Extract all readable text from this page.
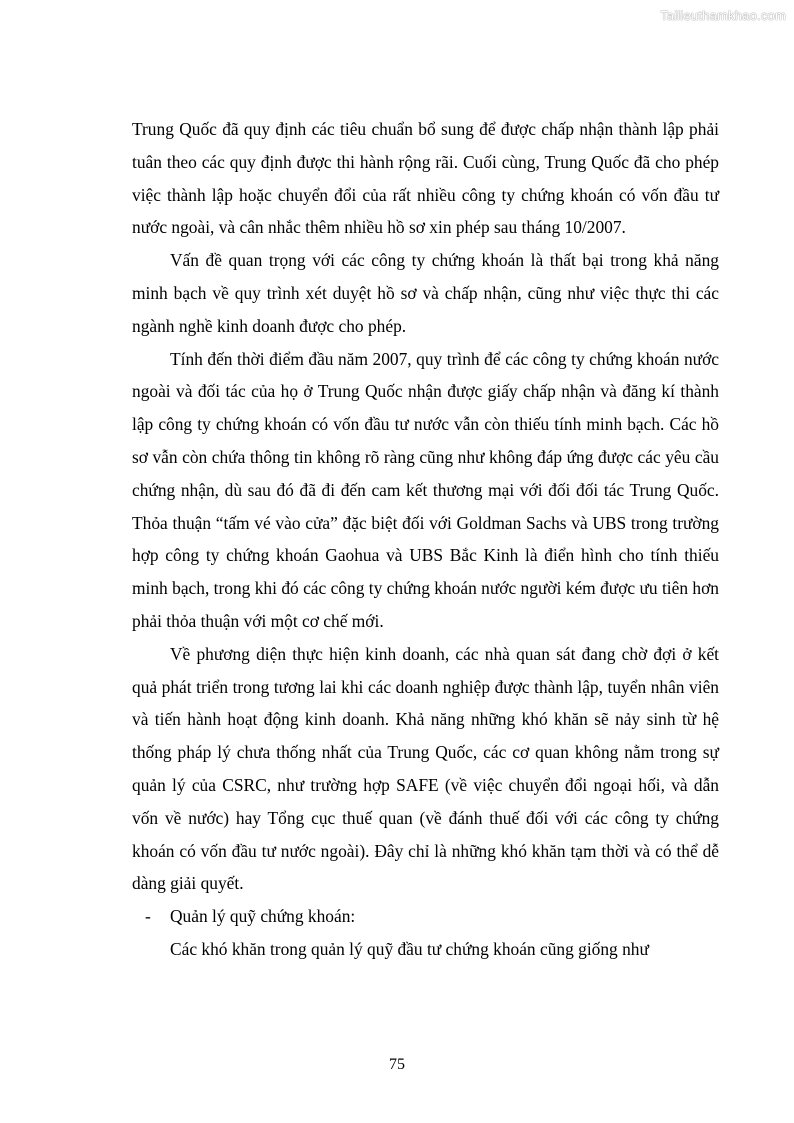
Tailieuthamkhao.com

Trung Quốc đã quy định các tiêu chuẩn bổ sung để được chấp nhận thành lập phải tuân theo các quy định được thi hành rộng rãi. Cuối cùng, Trung Quốc đã cho phép việc thành lập hoặc chuyển đổi của rất nhiều công ty chứng khoán có vốn đầu tư nước ngoài, và cân nhắc thêm nhiều hồ sơ xin phép sau tháng 10/2007.

Vấn đề quan trọng với các công ty chứng khoán là thất bại trong khả năng minh bạch về quy trình xét duyệt hồ sơ và chấp nhận, cũng như việc thực thi các ngành nghề kinh doanh được cho phép.

Tính đến thời điểm đầu năm 2007, quy trình để các công ty chứng khoán nước ngoài và đối tác của họ ở Trung Quốc nhận được giấy chấp nhận và đăng kí thành lập công ty chứng khoán có vốn đầu tư nước vẫn còn thiếu tính minh bạch. Các hồ sơ vẫn còn chứa thông tin không rõ ràng cũng như không đáp ứng được các yêu cầu chứng nhận, dù sau đó đã đi đến cam kết thương mại với đối đối tác Trung Quốc. Thỏa thuận “tấm vé vào cửa” đặc biệt đối với Goldman Sachs và UBS trong trường hợp công ty chứng khoán Gaohua và UBS Bắc Kinh là điển hình cho tính thiếu minh bạch, trong khi đó các công ty chứng khoán nước người kém được ưu tiên hơn phải thỏa thuận với một cơ chế mới.

Về phương diện thực hiện kinh doanh, các nhà quan sát đang chờ đợi ở kết quả phát triển trong tương lai khi các doanh nghiệp được thành lập, tuyển nhân viên và tiến hành hoạt động kinh doanh. Khả năng những khó khăn sẽ nảy sinh từ hệ thống pháp lý chưa thống nhất của Trung Quốc, các cơ quan không nằm trong sự quản lý của CSRC, như trường hợp SAFE (về việc chuyển đổi ngoại hối, và dẫn vốn về nước) hay Tổng cục thuế quan (về đánh thuế đối với các công ty chứng khoán có vốn đầu tư nước ngoài). Đây chỉ là những khó khăn tạm thời và có thể dễ dàng giải quyết.

-	Quản lý quỹ chứng khoán:

Các khó khăn trong quản lý quỹ đầu tư chứng khoán cũng giống như

75
